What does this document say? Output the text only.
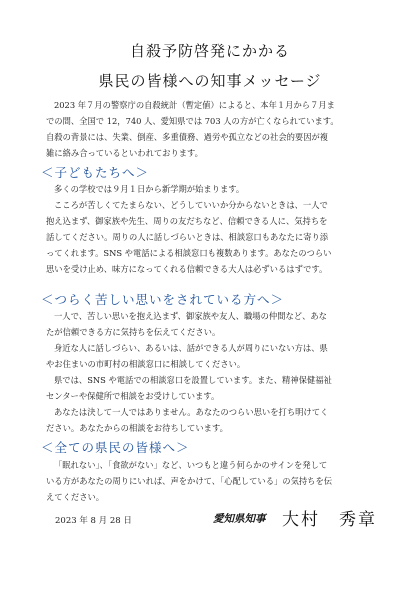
自殺予防啓発にかかる
県民の皆様への知事メッセージ

2023 年７月の警察庁の自殺統計（暫定値）によると、本年１月から７月ま
での間、全国で 12，740 人、愛知県では 703 人の方が亡くなられています。
自殺の背景には、失業、倒産、多重債務、過労や孤立などの社会的要因が複
雑に絡み合っているといわれております。

＜子どもたちへ＞

多くの学校では９月１日から新学期が始まります。
こころが苦しくてたまらない、どうしていいか分からないときは、一人で
抱え込まず、御家族や先生、周りの友だちなど、信頼できる人に、気持ちを
話してください。周りの人に話しづらいときは、相談窓口もあなたに寄り添
ってくれます。SNS や電話による相談窓口も複数あります。あなたのつらい
思いを受け止め、味方になってくれる信頼できる大人は必ずいるはずです。

＜つらく苦しい思いをされている方へ＞

一人で、苦しい思いを抱え込まず、御家族や友人、職場の仲間など、あな
たが信頼できる方に気持ちを伝えてください。
身近な人に話しづらい、あるいは、話ができる人が周りにいない方は、県
やお住まいの市町村の相談窓口に相談してください。
県では、SNS や電話での相談窓口を設置しています。また、精神保健福祉
センターや保健所で相談をお受けしています。
あなたは決して一人ではありません。あなたのつらい思いを打ち明けてく
ださい。あなたからの相談をお待ちしています。

＜全ての県民の皆様へ＞

「眠れない」、「食欲がない」など、いつもと違う何らかのサインを発して
いる方があなたの周りにいれば、声をかけて、「心配している」の気持ちを伝
えてください。

2023 年 8 月 28 日	愛知県知事 大村　秀章
